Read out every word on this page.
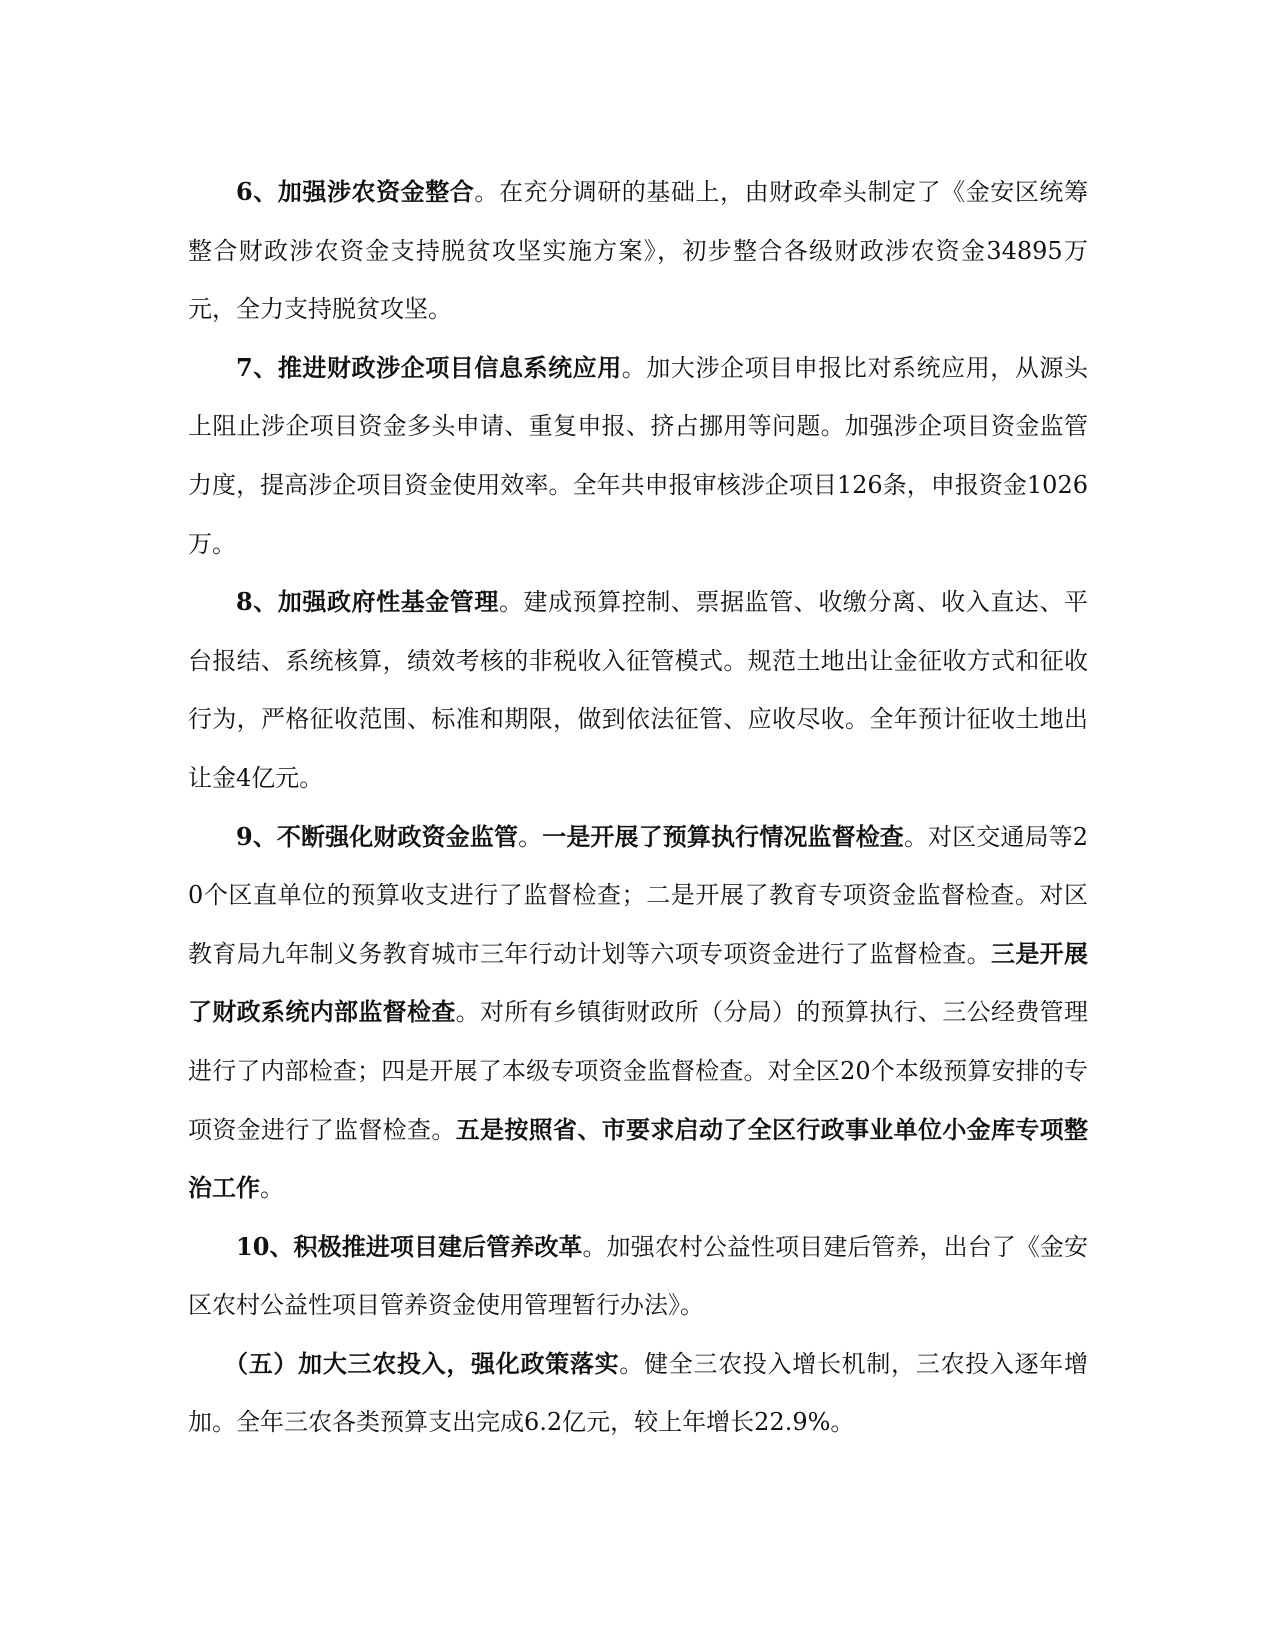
6、加强涉农资金整合。在充分调研的基础上，由财政牵头制定了《金安区统筹整合财政涉农资金支持脱贫攻坚实施方案》，初步整合各级财政涉农资金34895万元，全力支持脱贫攻坚。

7、推进财政涉企项目信息系统应用。加大涉企项目申报比对系统应用，从源头上阻止涉企项目资金多头申请、重复申报、挤占挪用等问题。加强涉企项目资金监管力度，提高涉企项目资金使用效率。全年共申报审核涉企项目126条，申报资金1026万。

8、加强政府性基金管理。建成预算控制、票据监管、收缴分离、收入直达、平台报结、系统核算，绩效考核的非税收入征管模式。规范土地出让金征收方式和征收行为，严格征收范围、标准和期限，做到依法征管、应收尽收。全年预计征收土地出让金4亿元。

9、不断强化财政资金监管。一是开展了预算执行情况监督检查。对区交通局等20个区直单位的预算收支进行了监督检查；二是开展了教育专项资金监督检查。对区教育局九年制义务教育城市三年行动计划等六项专项资金进行了监督检查。三是开展了财政系统内部监督检查。对所有乡镇街财政所（分局）的预算执行、三公经费管理进行了内部检查；四是开展了本级专项资金监督检查。对全区20个本级预算安排的专项资金进行了监督检查。五是按照省、市要求启动了全区行政事业单位小金库专项整治工作。

10、积极推进项目建后管养改革。加强农村公益性项目建后管养，出台了《金安区农村公益性项目管养资金使用管理暂行办法》。

（五）加大三农投入，强化政策落实。健全三农投入增长机制，三农投入逐年增加。全年三农各类预算支出完成6.2亿元，较上年增长22.9%。
